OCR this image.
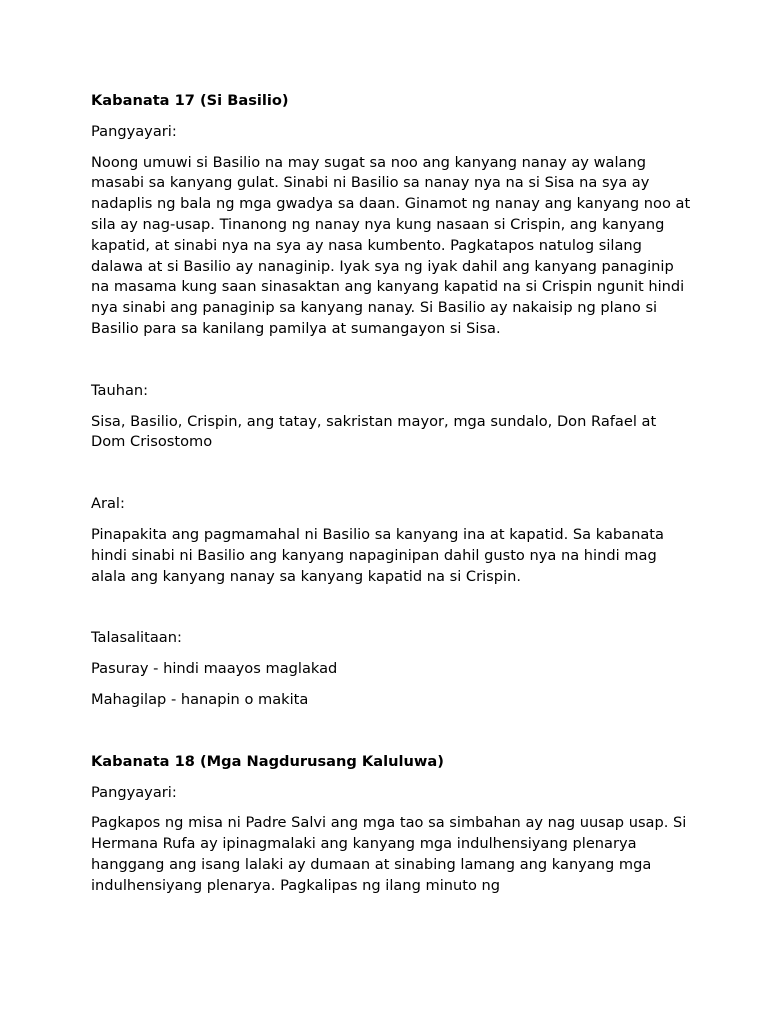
Kabanata 17 (Si Basilio)
Pangyayari:
Noong umuwi si Basilio na may sugat sa noo ang kanyang nanay ay walang masabi sa kanyang gulat. Sinabi ni Basilio sa nanay nya na si Sisa na sya ay nadaplis ng bala ng mga gwadya sa daan. Ginamot ng nanay ang kanyang noo at sila ay nag-usap. Tinanong ng nanay nya kung nasaan si Crispin, ang kanyang kapatid, at sinabi nya na sya ay nasa kumbento. Pagkatapos natulog silang dalawa at si Basilio ay nanaginip. Iyak sya ng iyak dahil ang kanyang panaginip na masama kung saan sinasaktan ang kanyang kapatid na si Crispin ngunit hindi nya sinabi ang panaginip sa kanyang nanay. Si Basilio ay nakaisip ng plano si Basilio para sa kanilang pamilya at sumangayon si Sisa.
Tauhan:
Sisa, Basilio, Crispin, ang tatay, sakristan mayor, mga sundalo, Don Rafael at Dom Crisostomo
Aral:
Pinapakita ang pagmamahal ni Basilio sa kanyang ina at kapatid. Sa kabanata hindi sinabi ni Basilio ang kanyang napaginipan dahil gusto nya na hindi mag alala ang kanyang nanay sa kanyang kapatid na si Crispin.
Talasalitaan:
Pasuray - hindi maayos maglakad
Mahagilap - hanapin o makita
Kabanata 18 (Mga Nagdurusang Kaluluwa)
Pangyayari:
Pagkapos ng misa ni Padre Salvi ang mga tao sa simbahan ay nag uusap usap. Si Hermana Rufa ay ipinagmalaki ang kanyang mga indulhensiyang plenarya hanggang ang isang lalaki ay dumaan at sinabing lamang ang kanyang mga indulhensiyang plenarya. Pagkalipas ng ilang minuto ng
